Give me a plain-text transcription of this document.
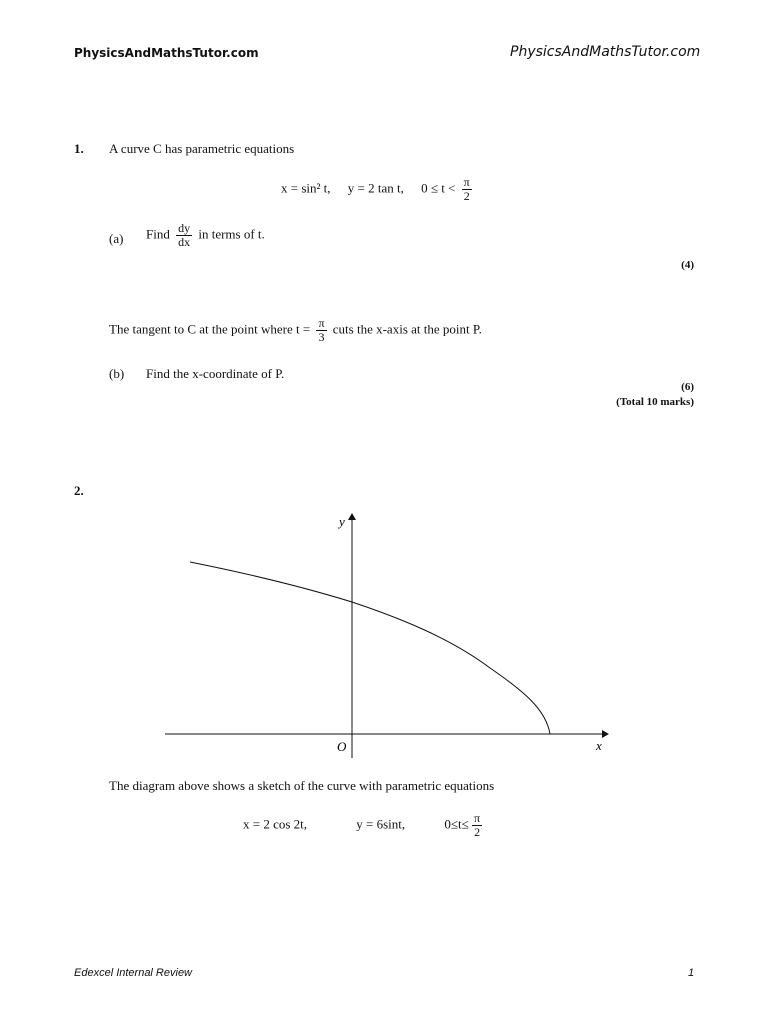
PhysicsAndMathsTutor.com	PhysicsAndMathsTutor.com
1. A curve C has parametric equations
x = sin² t, y = 2 tan t, $0 \le t < \frac{\pi}{2}$
(a) Find $\frac{dy}{dx}$ in terms of t.
(4)
The tangent to C at the point where $t = \frac{\pi}{3}$ cuts the x-axis at the point P.
(b) Find the x-coordinate of P.
(6)
(Total 10 marks)
2.
y
x
O
The diagram above shows a sketch of the curve with parametric equations
x = 2 cos 2t,	y = 6sint,	$0\le t\le \frac{\pi}{2}$
Edexcel Internal Review	1
